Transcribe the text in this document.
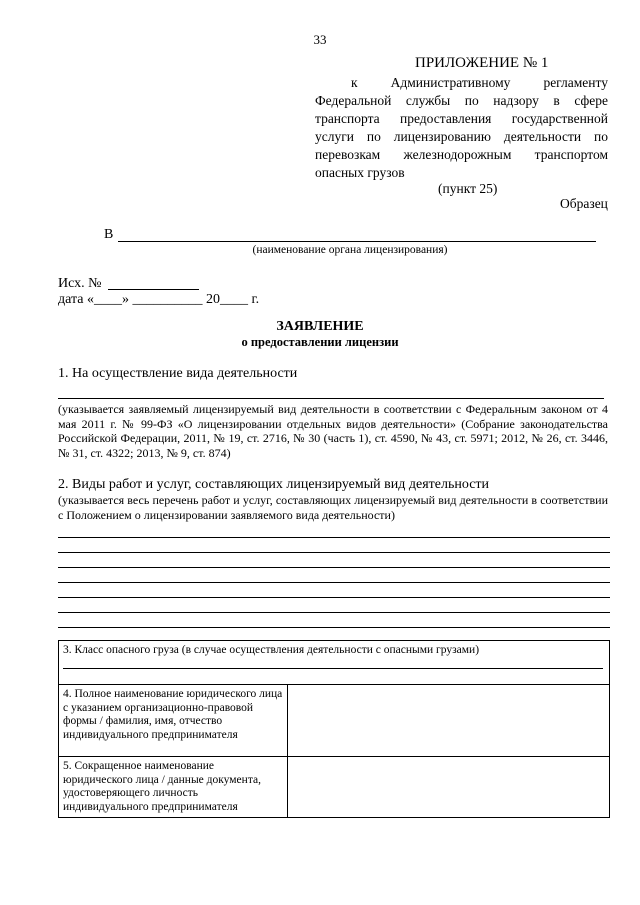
33
ПРИЛОЖЕНИЕ № 1

к Административному регламенту

Федеральной службы по надзору в сфере

транспорта предоставления государственной

услуги по лицензированию деятельности по

перевозкам железнодорожным транспортом

опасных грузов

(пункт 25)
Образец
В
(наименование органа лицензирования)
Исх. №
дата «____» __________ 20____ г.
ЗАЯВЛЕНИЕ
о предоставлении лицензии
1. На осуществление вида деятельности
(указывается заявляемый лицензируемый вид деятельности в соответствии с Федеральным законом от 4 мая 2011 г. № 99-ФЗ «О лицензировании отдельных видов деятельности» (Собрание законодательства Российской Федерации, 2011, № 19, ст. 2716, № 30 (часть 1), ст. 4590, № 43, ст. 5971; 2012, № 26, ст. 3446, № 31, ст. 4322; 2013, № 9, ст. 874)
2. Виды работ и услуг, составляющих лицензируемый вид деятельности
(указывается весь перечень работ и услуг, составляющих лицензируемый вид деятельности в соответствии с Положением о лицензировании заявляемого вида деятельности)
3. Класс опасного груза (в случае осуществления деятельности с опасными грузами)	

4. Полное наименование юридического лица с указанием организационно-правовой формы / фамилия, имя, отчество индивидуального предпринимателя	
5. Сокращенное наименование юридического лица / данные документа, удостоверяющего личность индивидуального предпринимателя	
